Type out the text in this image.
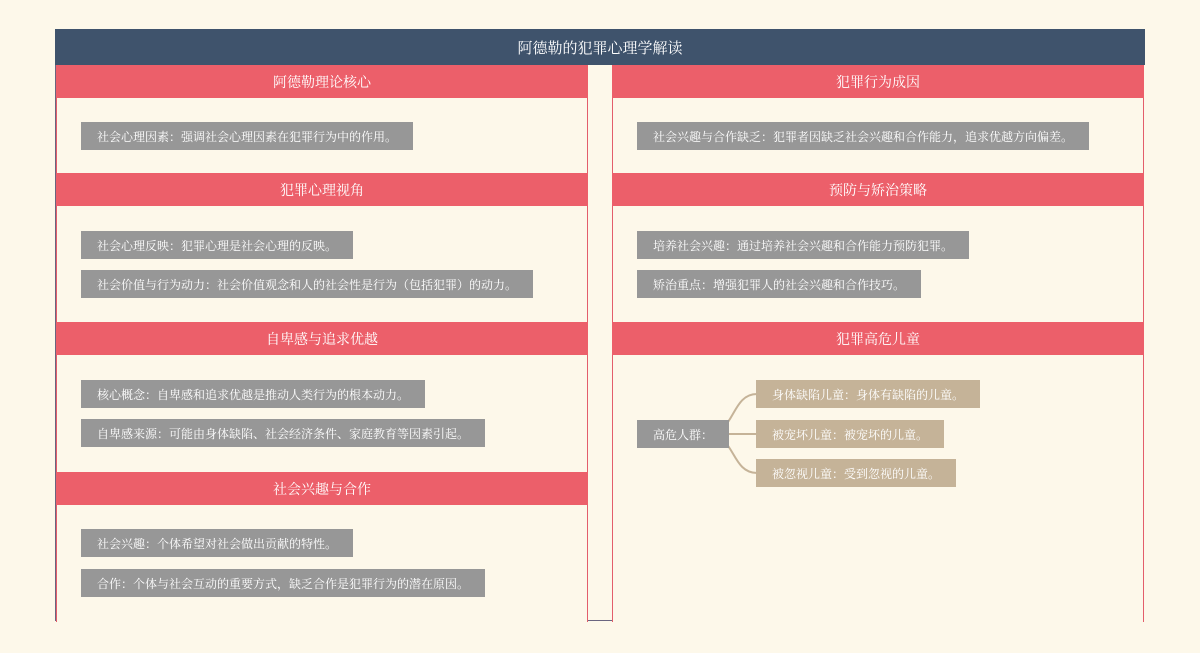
阿德勒的犯罪心理学解读
阿德勒理论核心
社会心理因素：强调社会心理因素在犯罪行为中的作用。
犯罪心理视角
社会心理反映：犯罪心理是社会心理的反映。
社会价值与行为动力：社会价值观念和人的社会性是行为（包括犯罪）的动力。
自卑感与追求优越
核心概念：自卑感和追求优越是推动人类行为的根本动力。
自卑感来源：可能由身体缺陷、社会经济条件、家庭教育等因素引起。
社会兴趣与合作
社会兴趣：个体希望对社会做出贡献的特性。
合作：个体与社会互动的重要方式，缺乏合作是犯罪行为的潜在原因。
犯罪行为成因
社会兴趣与合作缺乏：犯罪者因缺乏社会兴趣和合作能力，追求优越方向偏差。
预防与矫治策略
培养社会兴趣：通过培养社会兴趣和合作能力预防犯罪。
矫治重点：增强犯罪人的社会兴趣和合作技巧。
犯罪高危儿童
高危人群：
身体缺陷儿童：身体有缺陷的儿童。
被宠坏儿童：被宠坏的儿童。
被忽视儿童：受到忽视的儿童。
